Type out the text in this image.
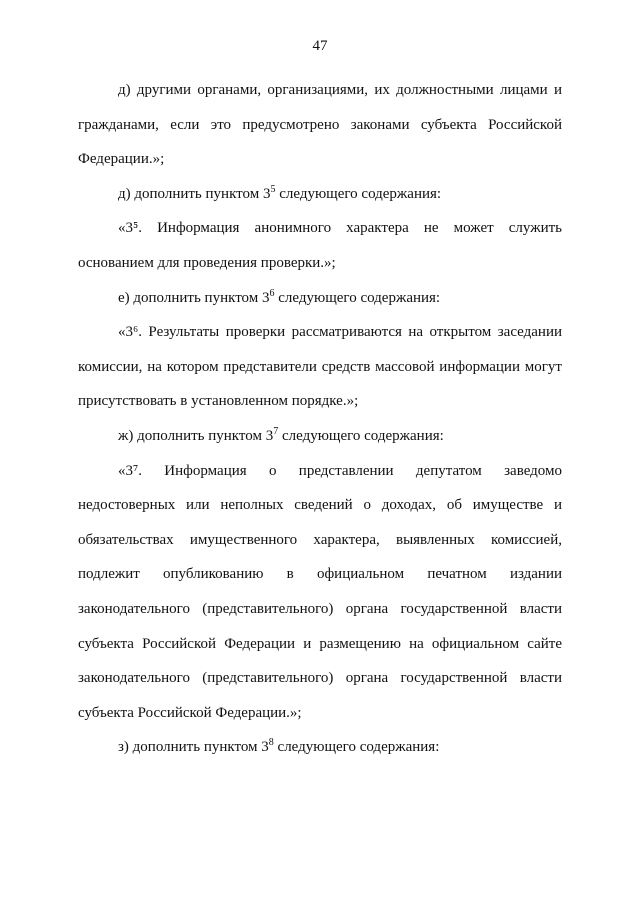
47

д) другими органами, организациями, их должностными лицами и
гражданами, если это предусмотрено законами субъекта Российской
Федерации.»;

д) дополнить пунктом $3^5$ следующего содержания:

«3⁵. Информация анонимного характера не может служить
основанием для проведения проверки.»;

е) дополнить пунктом $3^6$ следующего содержания:

«3⁶. Результаты проверки рассматриваются на открытом заседании
комиссии, на котором представители средств массовой информации могут
присутствовать в установленном порядке.»;

ж) дополнить пунктом $3^7$ следующего содержания:

«3⁷. Информация о представлении депутатом заведомо
недостоверных или неполных сведений о доходах, об имуществе и
обязательствах имущественного характера, выявленных комиссией,
подлежит опубликованию в официальном печатном издании
законодательного (представительного) органа государственной власти
субъекта Российской Федерации и размещению на официальном сайте
законодательного (представительного) органа государственной власти
субъекта Российской Федерации.»;

з) дополнить пунктом $3^8$ следующего содержания:
